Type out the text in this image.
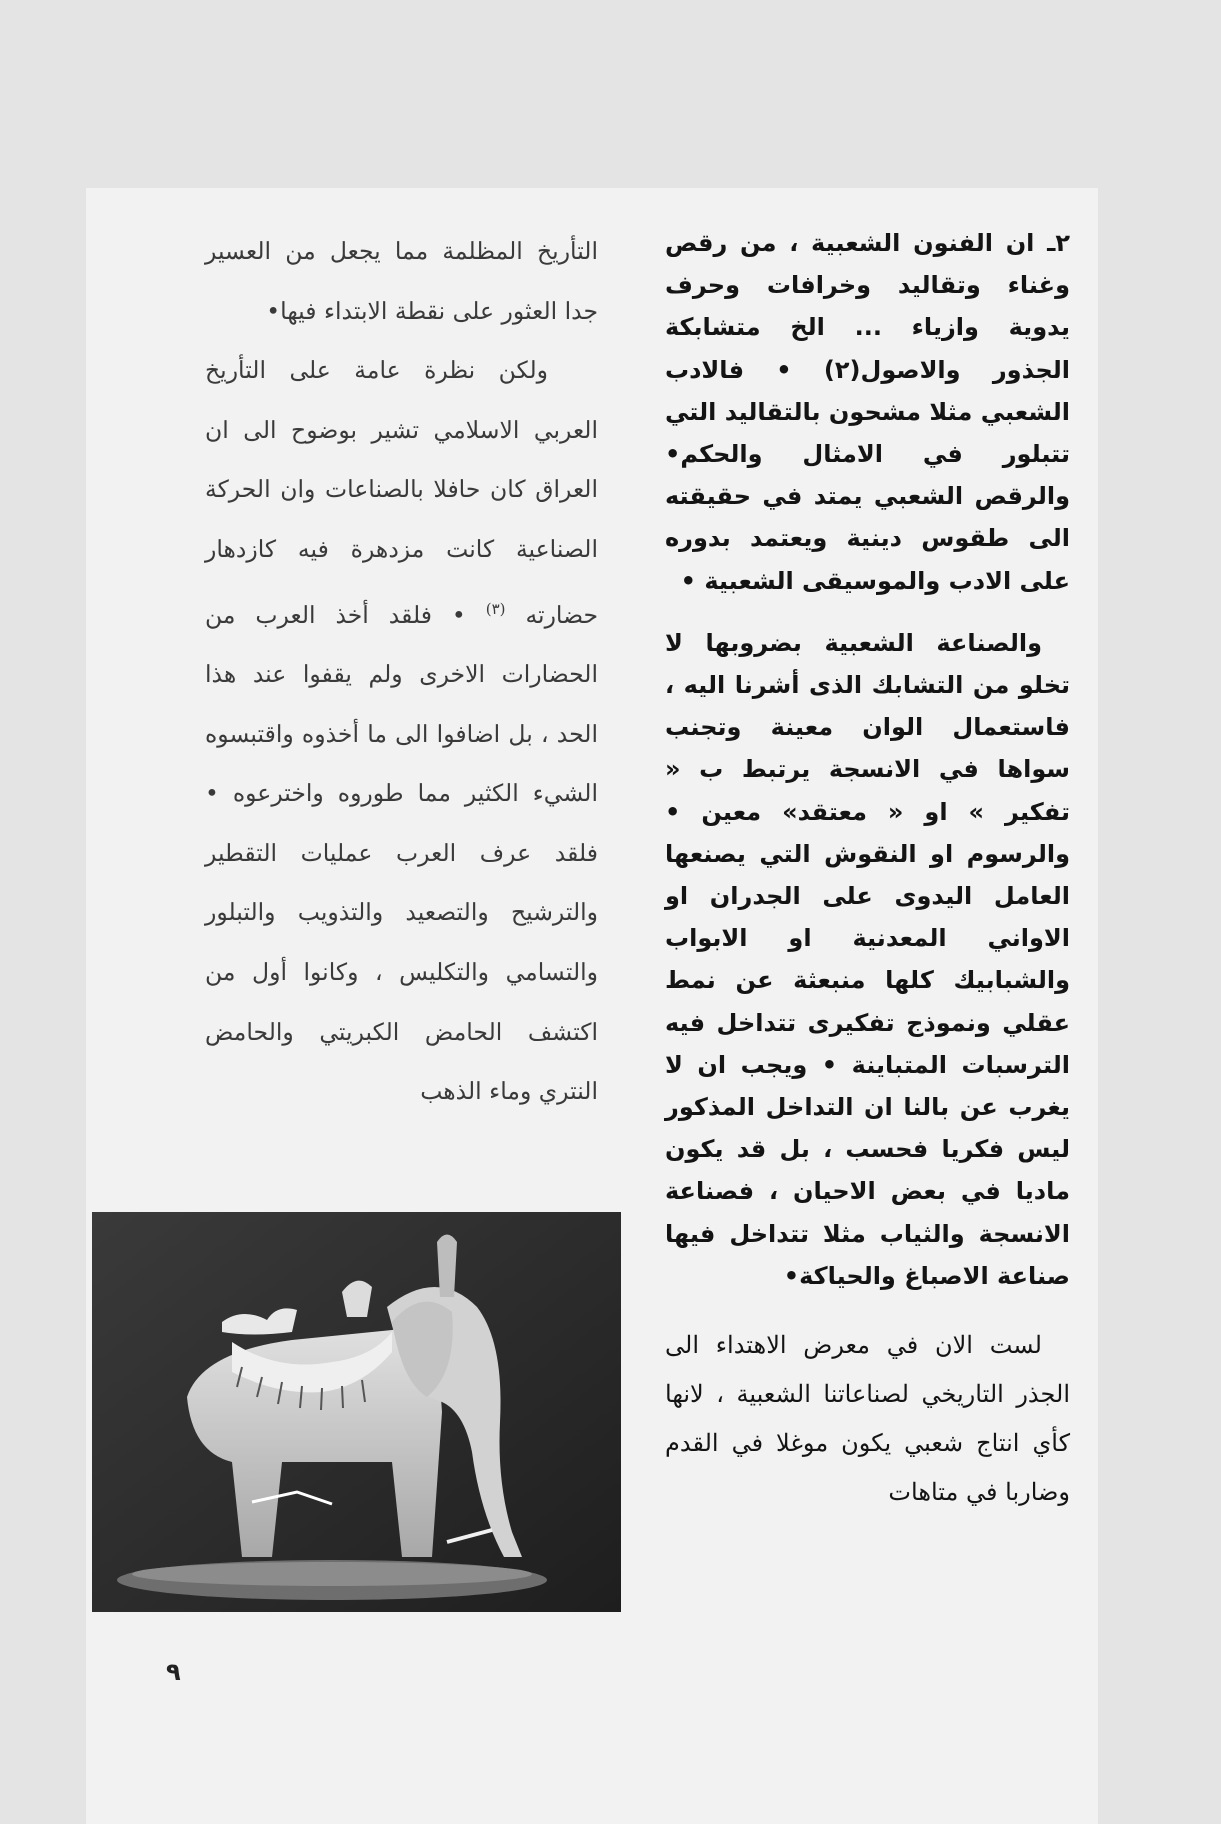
التأريخ المظلمة مما يجعل من العسير جدا العثور على نقطة الابتداء فيها•

ولكن نظرة عامة على التأريخ العربي الاسلامي تشير بوضوح الى ان العراق كان حافلا بالصناعات وان الحركة الصناعية كانت مزدهرة فيه كازدهار حضارته $^{(٣)}$ • فلقد أخذ العرب من الحضارات الاخرى ولم يقفوا عند هذا الحد ، بل اضافوا الى ما أخذوه واقتبسوه الشيء الكثير مما طوروه واخترعوه • فلقد عرف العرب عمليات التقطير والترشيح والتصعيد والتذويب والتبلور والتسامي والتكليس ، وكانوا أول من اكتشف الحامض الكبريتي والحامض النتري وماء الذهب

٢ـ ان الفنون الشعبية ، من رقص وغناء وتقاليد وخرافات وحرف يدوية وازياء ... الخ متشابكة الجذور والاصول(٢) • فالادب الشعبي مثلا مشحون بالتقاليد التي تتبلور في الامثال والحكم• والرقص الشعبي يمتد في حقيقته الى طقوس دينية ويعتمد بدوره على الادب والموسيقى الشعبية •

والصناعة الشعبية بضروبها لا تخلو من التشابك الذى أشرنا اليه ، فاستعمال الوان معينة وتجنب سواها في الانسجة يرتبط ب « تفكير » او « معتقد» معين • والرسوم او النقوش التي يصنعها العامل اليدوى على الجدران او الاواني المعدنية او الابواب والشبابيك كلها منبعثة عن نمط عقلي ونموذج تفكيرى تتداخل فيه الترسبات المتباينة • ويجب ان لا يغرب عن بالنا ان التداخل المذكور ليس فكريا فحسب ، بل قد يكون ماديا في بعض الاحيان ، فصناعة الانسجة والثياب مثلا تتداخل فيها صناعة الاصباغ والحياكة•

لست الان في معرض الاهتداء الى الجذر التاريخي لصناعاتنا الشعبية ، لانها كأي انتاج شعبي يكون موغلا في القدم وضاربا في متاهات

٩
